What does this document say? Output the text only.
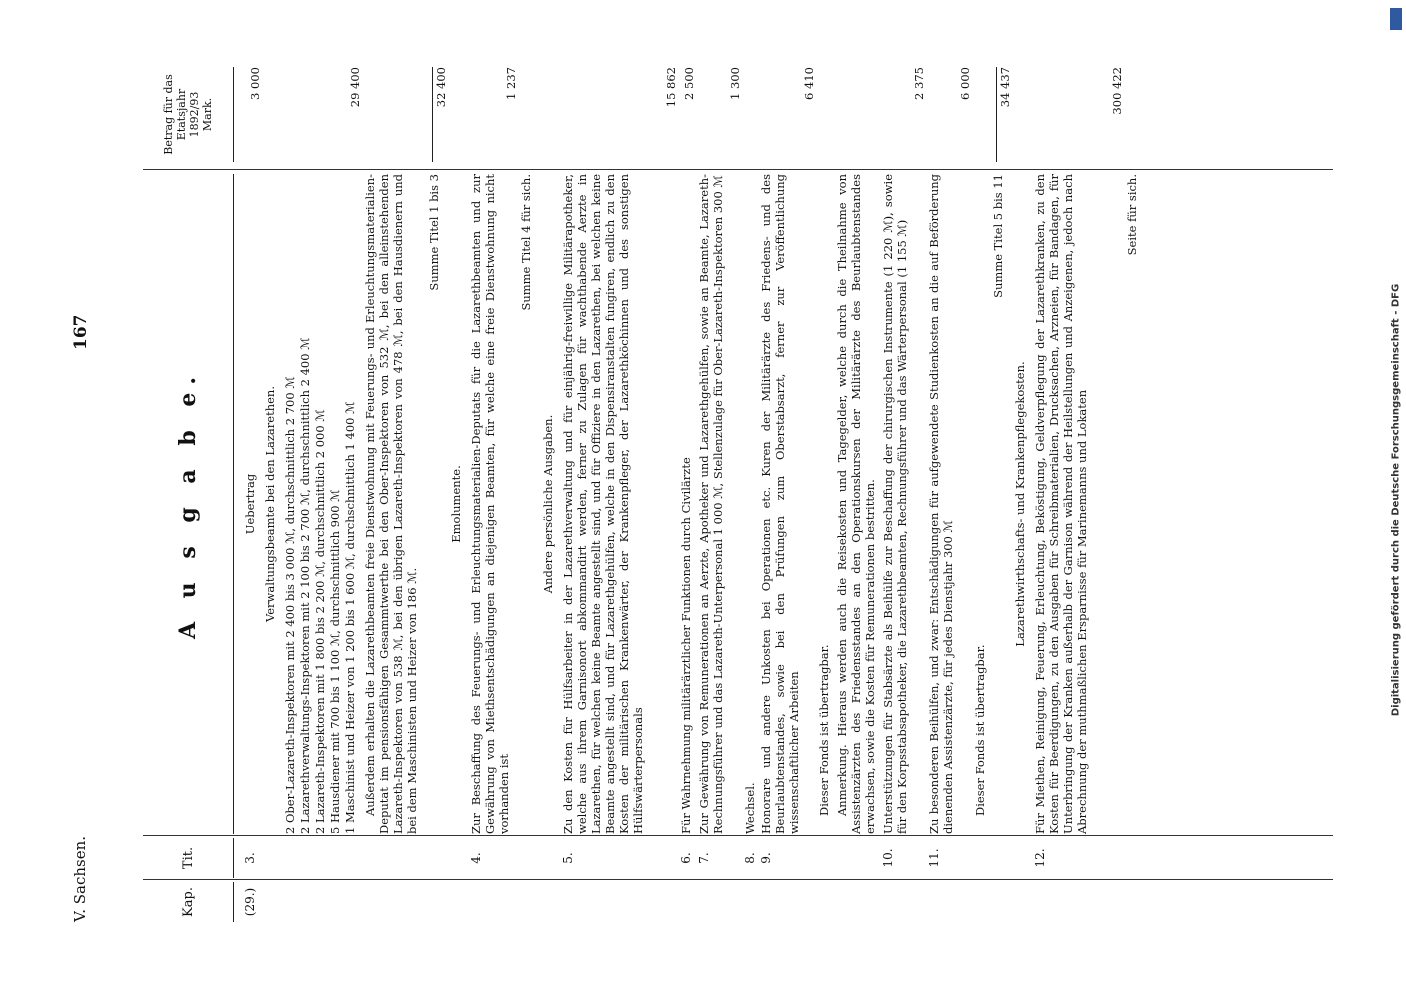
V. Sachsen.
167
Kap.
Tit.
A u s g a b e.
Betrag für das Etatsjahr 1892/93 Mark.
(29.)
3.
Uebertrag
3 000
Verwaltungsbeamte bei den Lazarethen. 2 Ober-Lazareth-Inspektoren mit 2 400 bis 3 000 ℳ, durchschnittlich 2 700 ℳ 2 Lazarethverwaltungs-Inspektoren mit 2 100 bis 2 700 ℳ, durchschnittlich 2 400 ℳ 2 Lazareth-Inspektoren mit 1 800 bis 2 200 ℳ, durchschnittlich 2 000 ℳ 5 Hausdiener mit 700 bis 1 100 ℳ, durchschnittlich 900 ℳ 1 Maschinist und Heizer von 1 200 bis 1 600 ℳ, durchschnittlich 1 400 ℳ
29 400
Außerdem erhalten die Lazarethbeamten freie Dienstwohnung mit Feuerungs- und Erleuchtungsmaterialien-Deputat im pensionsfähigen Gesammtwerthe bei den Ober-Inspektoren von 532 ℳ, bei den alleinstehenden Lazareth-Inspektoren von 538 ℳ, bei den übrigen Lazareth-Inspektoren von 478 ℳ, bei den Hausdienern und bei dem Maschinisten und Heizer von 186 ℳ.
Summe Titel 1 bis 3
32 400
Emolumente.
4.
Zur Beschaffung des Feuerungs- und Erleuchtungsmaterialien-Deputats für die Lazarethbeamten und zur Gewährung von Miethsentschädigungen an diejenigen Beamten, für welche eine freie Dienstwohnung nicht vorhanden ist
1 237
Summe Titel 4 für sich.
Andere persönliche Ausgaben.
5.
Zu den Kosten für Hülfsarbeiter in der Lazarethverwaltung und für einjährig-freiwillige Militärapotheker, welche aus ihrem Garnisonort abkommandirt werden, ferner zu Zulagen für wachthabende Aerzte in Lazarethen, für welchen keine Beamte angestellt sind, und für Offiziere in den Lazarethen, bei welchen keine Beamte angestellt sind, und für Lazarethgehülfen, welche in den Dispensiranstalten fungiren, endlich zu den Kosten der militärischen Krankenwärter, der Krankenpfleger, der Lazarethköchinnen und des sonstigen Hülfswärterpersonals
15 862
6.
Für Wahrnehmung militärärztlicher Funktionen durch Civilärzte
2 500
7.
Zur Gewährung von Remunerationen an Aerzte, Apotheker und Lazarethgehülfen, sowie an Beamte, Lazareth-Rechnungsführer und das Lazareth-Unterpersonal 1 000 ℳ, Stellenzulage für Ober-Lazareth-Inspektoren 300 ℳ
1 300
8.
Wechsel.
9.
Honorare und andere Unkosten bei Operationen etc. Kuren der Militärärzte des Friedens- und des Beurlaubtenstandes, sowie bei den Prüfungen zum Oberstabsarzt, ferner zur Veröffentlichung wissenschaftlicher Arbeiten
6 410
Dieser Fonds ist übertragbar. Anmerkung. Hieraus werden auch die Reisekosten und Tagegelder, welche durch die Theilnahme von Assistenzärzten des Friedensstandes an den Operationskursen der Militärärzte des Beurlaubtenstandes erwachsen, sowie die Kosten für Remunerationen bestritten.
10.
Unterstützungen für Stabsärzte als Beihülfe zur Beschaffung der chirurgischen Instrumente (1 220 ℳ), sowie für den Korpsstabsapotheker, die Lazarethbeamten, Rechnungsführer und das Wärterpersonal (1 155 ℳ)
2 375
11.
Zu besonderen Beihülfen, und zwar: Entschädigungen für aufgewendete Studienkosten an die auf Beförderung dienenden Assistenzärzte, für jedes Dienstjahr 300 ℳ
6 000
Dieser Fonds ist übertragbar.
Summe Titel 5 bis 11
34 437
Lazarethwirthschafts- und Krankenpflegekosten.
12.
Für Miethen, Reinigung, Feuerung, Erleuchtung, Beköstigung, Geldverpflegung der Lazarethkranken, zu den Kosten für Beerdigungen, zu den Ausgaben für Schreibmaterialien, Drucksachen, Arzneien, für Bandagen, für Unterbringung der Kranken außerhalb der Garnison während der Heilstellungen und Anzeigenen, jedoch nach Abrechnung der muthmaßlichen Ersparnisse für Marinemanns und Lokaten
300 422
Seite für sich.
Digitalisierung gefördert durch die Deutsche Forschungsgemeinschaft - DFG
